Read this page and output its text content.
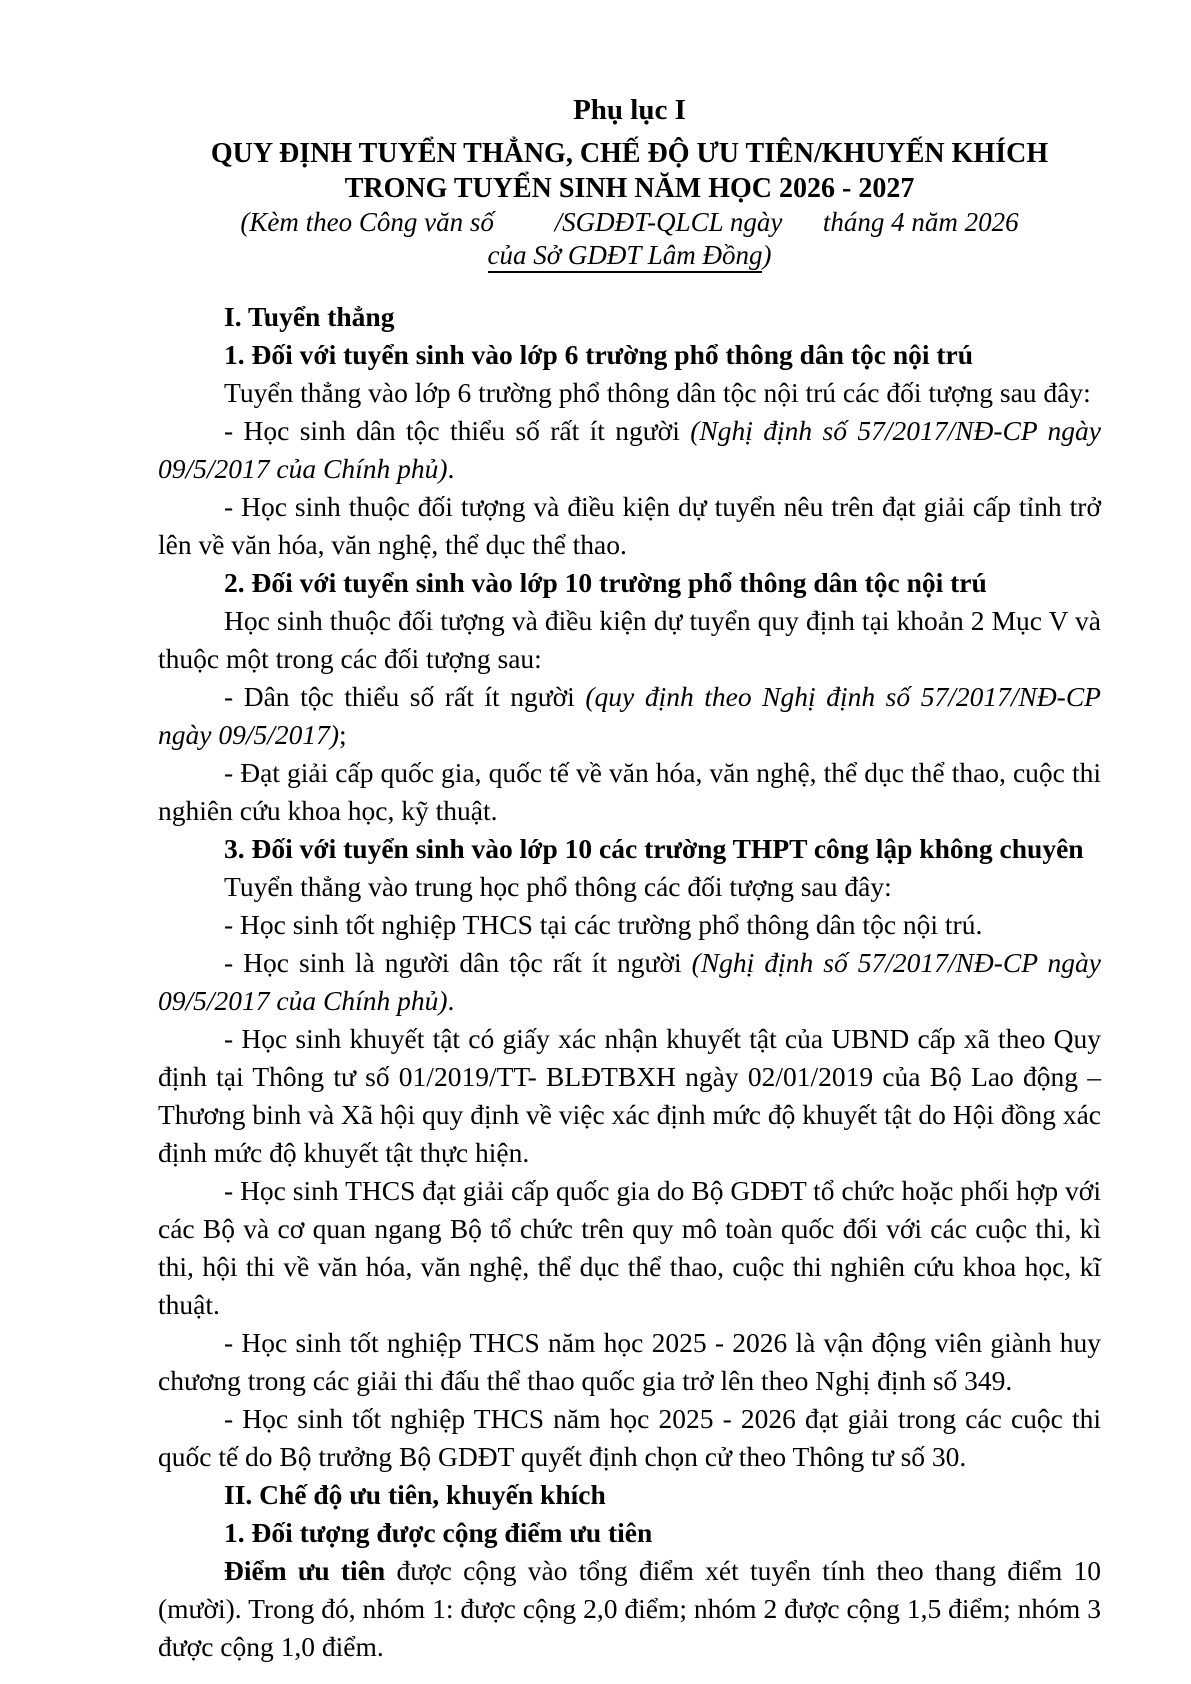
Phụ lục I

QUY ĐỊNH TUYỂN THẲNG, CHẾ ĐỘ ƯU TIÊN/KHUYẾN KHÍCH

TRONG TUYỂN SINH NĂM HỌC 2026 - 2027

(Kèm theo Công văn số         /SGDĐT-QLCL ngày      tháng 4 năm 2026

của Sở GDĐT Lâm Đồng)

I. Tuyển thẳng

1. Đối với tuyển sinh vào lớp 6 trường phổ thông dân tộc nội trú

Tuyển thẳng vào lớp 6 trường phổ thông dân tộc nội trú các đối tượng sau đây:

- Học sinh dân tộc thiểu số rất ít người (Nghị định số 57/2017/NĐ-CP ngày 09/5/2017 của Chính phủ).

- Học sinh thuộc đối tượng và điều kiện dự tuyển nêu trên đạt giải cấp tỉnh trở lên về văn hóa, văn nghệ, thể dục thể thao.

2. Đối với tuyển sinh vào lớp 10 trường phổ thông dân tộc nội trú

Học sinh thuộc đối tượng và điều kiện dự tuyển quy định tại khoản 2 Mục V và thuộc một trong các đối tượng sau:

- Dân tộc thiểu số rất ít người (quy định theo Nghị định số 57/2017/NĐ-CP ngày 09/5/2017);

- Đạt giải cấp quốc gia, quốc tế về văn hóa, văn nghệ, thể dục thể thao, cuộc thi nghiên cứu khoa học, kỹ thuật.

3. Đối với tuyển sinh vào lớp 10 các trường THPT công lập không chuyên

Tuyển thẳng vào trung học phổ thông các đối tượng sau đây:

- Học sinh tốt nghiệp THCS tại các trường phổ thông dân tộc nội trú.

- Học sinh là người dân tộc rất ít người (Nghị định số 57/2017/NĐ-CP ngày 09/5/2017 của Chính phủ).

- Học sinh khuyết tật có giấy xác nhận khuyết tật của UBND cấp xã theo Quy định tại Thông tư số 01/2019/TT- BLĐTBXH ngày 02/01/2019 của Bộ Lao động – Thương binh và Xã hội quy định về việc xác định mức độ khuyết tật do Hội đồng xác định mức độ khuyết tật thực hiện.

- Học sinh THCS đạt giải cấp quốc gia do Bộ GDĐT tổ chức hoặc phối hợp với các Bộ và cơ quan ngang Bộ tổ chức trên quy mô toàn quốc đối với các cuộc thi, kì thi, hội thi về văn hóa, văn nghệ, thể dục thể thao, cuộc thi nghiên cứu khoa học, kĩ thuật.

- Học sinh tốt nghiệp THCS năm học 2025 - 2026 là vận động viên giành huy chương trong các giải thi đấu thể thao quốc gia trở lên theo Nghị định số 349.

- Học sinh tốt nghiệp THCS năm học 2025 - 2026 đạt giải trong các cuộc thi quốc tế do Bộ trưởng Bộ GDĐT quyết định chọn cử theo Thông tư số 30.

II. Chế độ ưu tiên, khuyến khích

1. Đối tượng được cộng điểm ưu tiên

Điểm ưu tiên được cộng vào tổng điểm xét tuyển tính theo thang điểm 10 (mười). Trong đó, nhóm 1: được cộng 2,0 điểm; nhóm 2 được cộng 1,5 điểm; nhóm 3 được cộng 1,0 điểm.
